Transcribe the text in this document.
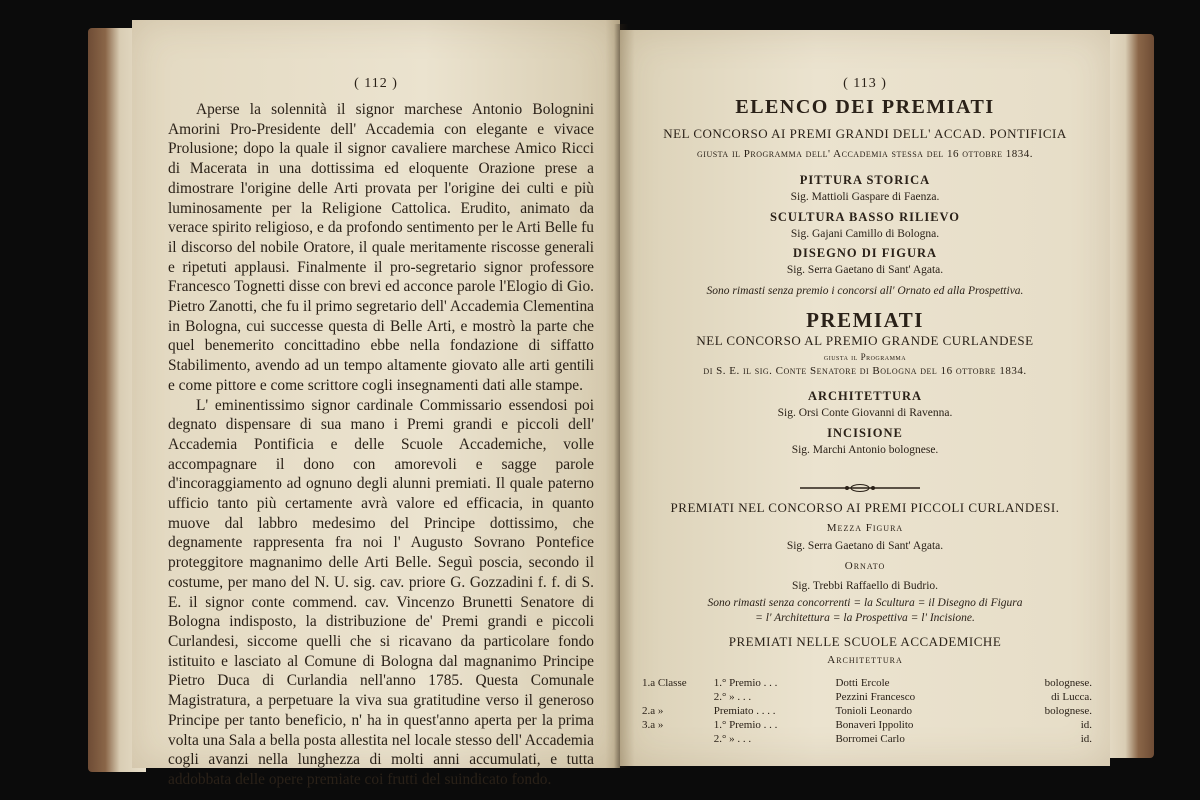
( 112 )

Aperse la solennità il signor marchese Antonio Bolognini Amorini Pro-Presidente dell' Accademia con elegante e vivace Prolusione; dopo la quale il signor cavaliere marchese Amico Ricci di Macerata in una dottissima ed eloquente Orazione prese a dimostrare l'origine delle Arti provata per l'origine dei culti e più luminosamente per la Religione Cattolica. Erudito, animato da verace spirito religioso, e da profondo sentimento per le Arti Belle fu il discorso del nobile Oratore, il quale meritamente riscosse generali e ripetuti applausi. Finalmente il pro-segretario signor professore Francesco Tognetti disse con brevi ed acconce parole l'Elogio di Gio. Pietro Zanotti, che fu il primo segretario dell' Accademia Clementina in Bologna, cui successe questa di Belle Arti, e mostrò la parte che quel benemerito concittadino ebbe nella fondazione di siffatto Stabilimento, avendo ad un tempo altamente giovato alle arti gentili e come pittore e come scrittore cogli insegnamenti dati alle stampe.

L' eminentissimo signor cardinale Commissario essendosi poi degnato dispensare di sua mano i Premi grandi e piccoli dell' Accademia Pontificia e delle Scuole Accademiche, volle accompagnare il dono con amorevoli e sagge parole d'incoraggiamento ad ognuno degli alunni premiati. Il quale paterno ufficio tanto più certamente avrà valore ed efficacia, in quanto muove dal labbro medesimo del Principe dottissimo, che degnamente rappresenta fra noi l' Augusto Sovrano Pontefice proteggitore magnanimo delle Arti Belle. Seguì poscia, secondo il costume, per mano del N. U. sig. cav. priore G. Gozzadini f. f. di S. E. il signor conte commend. cav. Vincenzo Brunetti Senatore di Bologna indisposto, la distribuzione de' Premi grandi e piccoli Curlandesi, siccome quelli che si ricavano da particolare fondo istituito e lasciato al Comune di Bologna dal magnanimo Principe Pietro Duca di Curlandia nell'anno 1785. Questa Comunale Magistratura, a perpetuare la viva sua gratitudine verso il generoso Principe per tanto beneficio, n' ha in quest'anno aperta per la prima volta una Sala a bella posta allestita nel locale stesso dell' Accademia cogli avanzi nella lunghezza di molti anni accumulati, e tutta addobbata delle opere premiate coi frutti del suindicato fondo.

( 113 )
ELENCO DEI PREMIATI
NEL CONCORSO AI PREMI GRANDI DELL' ACCAD. PONTIFICIA
giusta il Programma dell' Accademia stessa del 16 ottobre 1834.
PITTURA STORICA
Sig. Mattioli Gaspare di Faenza.
SCULTURA BASSO RILIEVO
Sig. Gajani Camillo di Bologna.
DISEGNO DI FIGURA
Sig. Serra Gaetano di Sant' Agata.
Sono rimasti senza premio i concorsi all' Ornato ed alla Prospettiva.
PREMIATI
NEL CONCORSO AL PREMIO GRANDE CURLANDESE
giusta il Programma
di S. E. il sig. Conte Senatore di Bologna del 16 ottobre 1834.
ARCHITETTURA
Sig. Orsi Conte Giovanni di Ravenna.
INCISIONE
Sig. Marchi Antonio bolognese.
PREMIATI NEL CONCORSO AI PREMI PICCOLI CURLANDESI.
Mezza Figura
Sig. Serra Gaetano di Sant' Agata.
Ornato
Sig. Trebbi Raffaello di Budrio.
Sono rimasti senza concorrenti = la Scultura = il Disegno di Figura
= l' Architettura = la Prospettiva = l' Incisione.
PREMIATI NELLE SCUOLE ACCADEMICHE
Architettura
1.a Classe	1.° Premio . . .	Dotti Ercole	bolognese.
	2.° » . . .	Pezzini Francesco	di Lucca.
2.a »	Premiato . . . .	Tonioli Leonardo	bolognese.
3.a »	1.° Premio . . .	Bonaveri Ippolito	id.
	2.° » . . .	Borromei Carlo	id.
